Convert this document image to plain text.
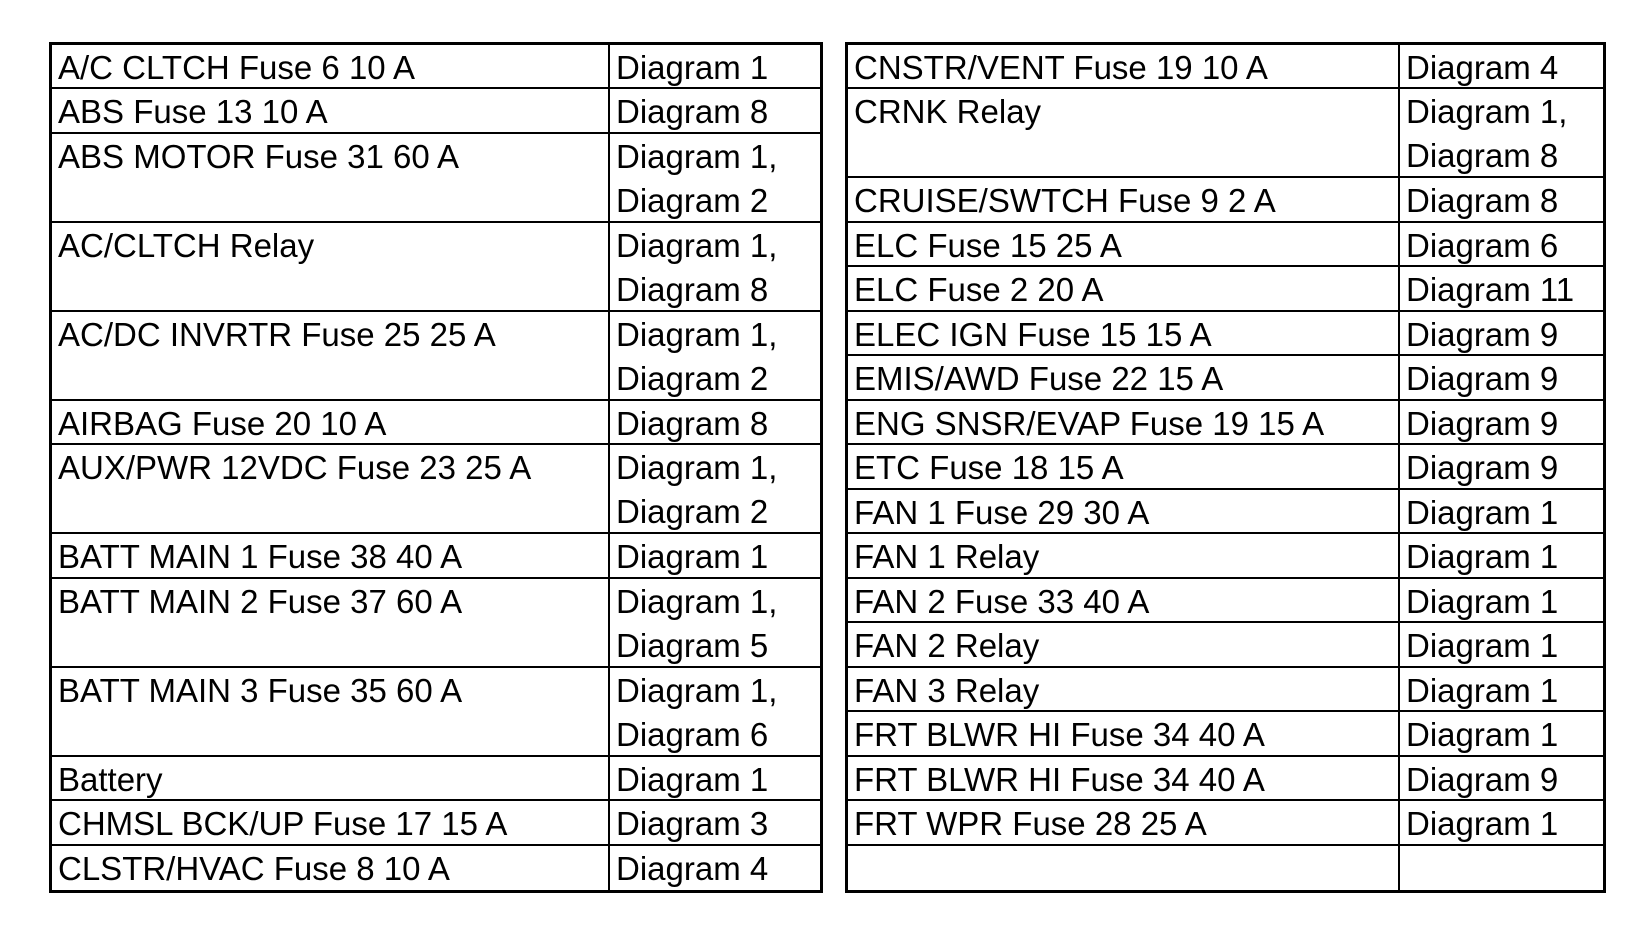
A/C CLTCH Fuse 6 10 A	Diagram 1
ABS Fuse 13 10 A	Diagram 8
ABS MOTOR Fuse 31 60 A	Diagram 1,
Diagram 2
AC/CLTCH Relay	Diagram 1,
Diagram 8
AC/DC INVRTR Fuse 25 25 A	Diagram 1,
Diagram 2
AIRBAG Fuse 20 10 A	Diagram 8
AUX/PWR 12VDC Fuse 23 25 A	Diagram 1,
Diagram 2
BATT MAIN 1 Fuse 38 40 A	Diagram 1
BATT MAIN 2 Fuse 37 60 A	Diagram 1,
Diagram 5
BATT MAIN 3 Fuse 35 60 A	Diagram 1,
Diagram 6
Battery	Diagram 1
CHMSL BCK/UP Fuse 17 15 A	Diagram 3
CLSTR/HVAC Fuse 8 10 A	Diagram 4
CNSTR/VENT Fuse 19 10 A	Diagram 4
CRNK Relay	Diagram 1,
Diagram 8
CRUISE/SWTCH Fuse 9 2 A	Diagram 8
ELC Fuse 15 25 A	Diagram 6
ELC Fuse 2 20 A	Diagram 11
ELEC IGN Fuse 15 15 A	Diagram 9
EMIS/AWD Fuse 22 15 A	Diagram 9
ENG SNSR/EVAP Fuse 19 15 A	Diagram 9
ETC Fuse 18 15 A	Diagram 9
FAN 1 Fuse 29 30 A	Diagram 1
FAN 1 Relay	Diagram 1
FAN 2 Fuse 33 40 A	Diagram 1
FAN 2 Relay	Diagram 1
FAN 3 Relay	Diagram 1
FRT BLWR HI Fuse 34 40 A	Diagram 1
FRT BLWR HI Fuse 34 40 A	Diagram 9
FRT WPR Fuse 28 25 A	Diagram 1
